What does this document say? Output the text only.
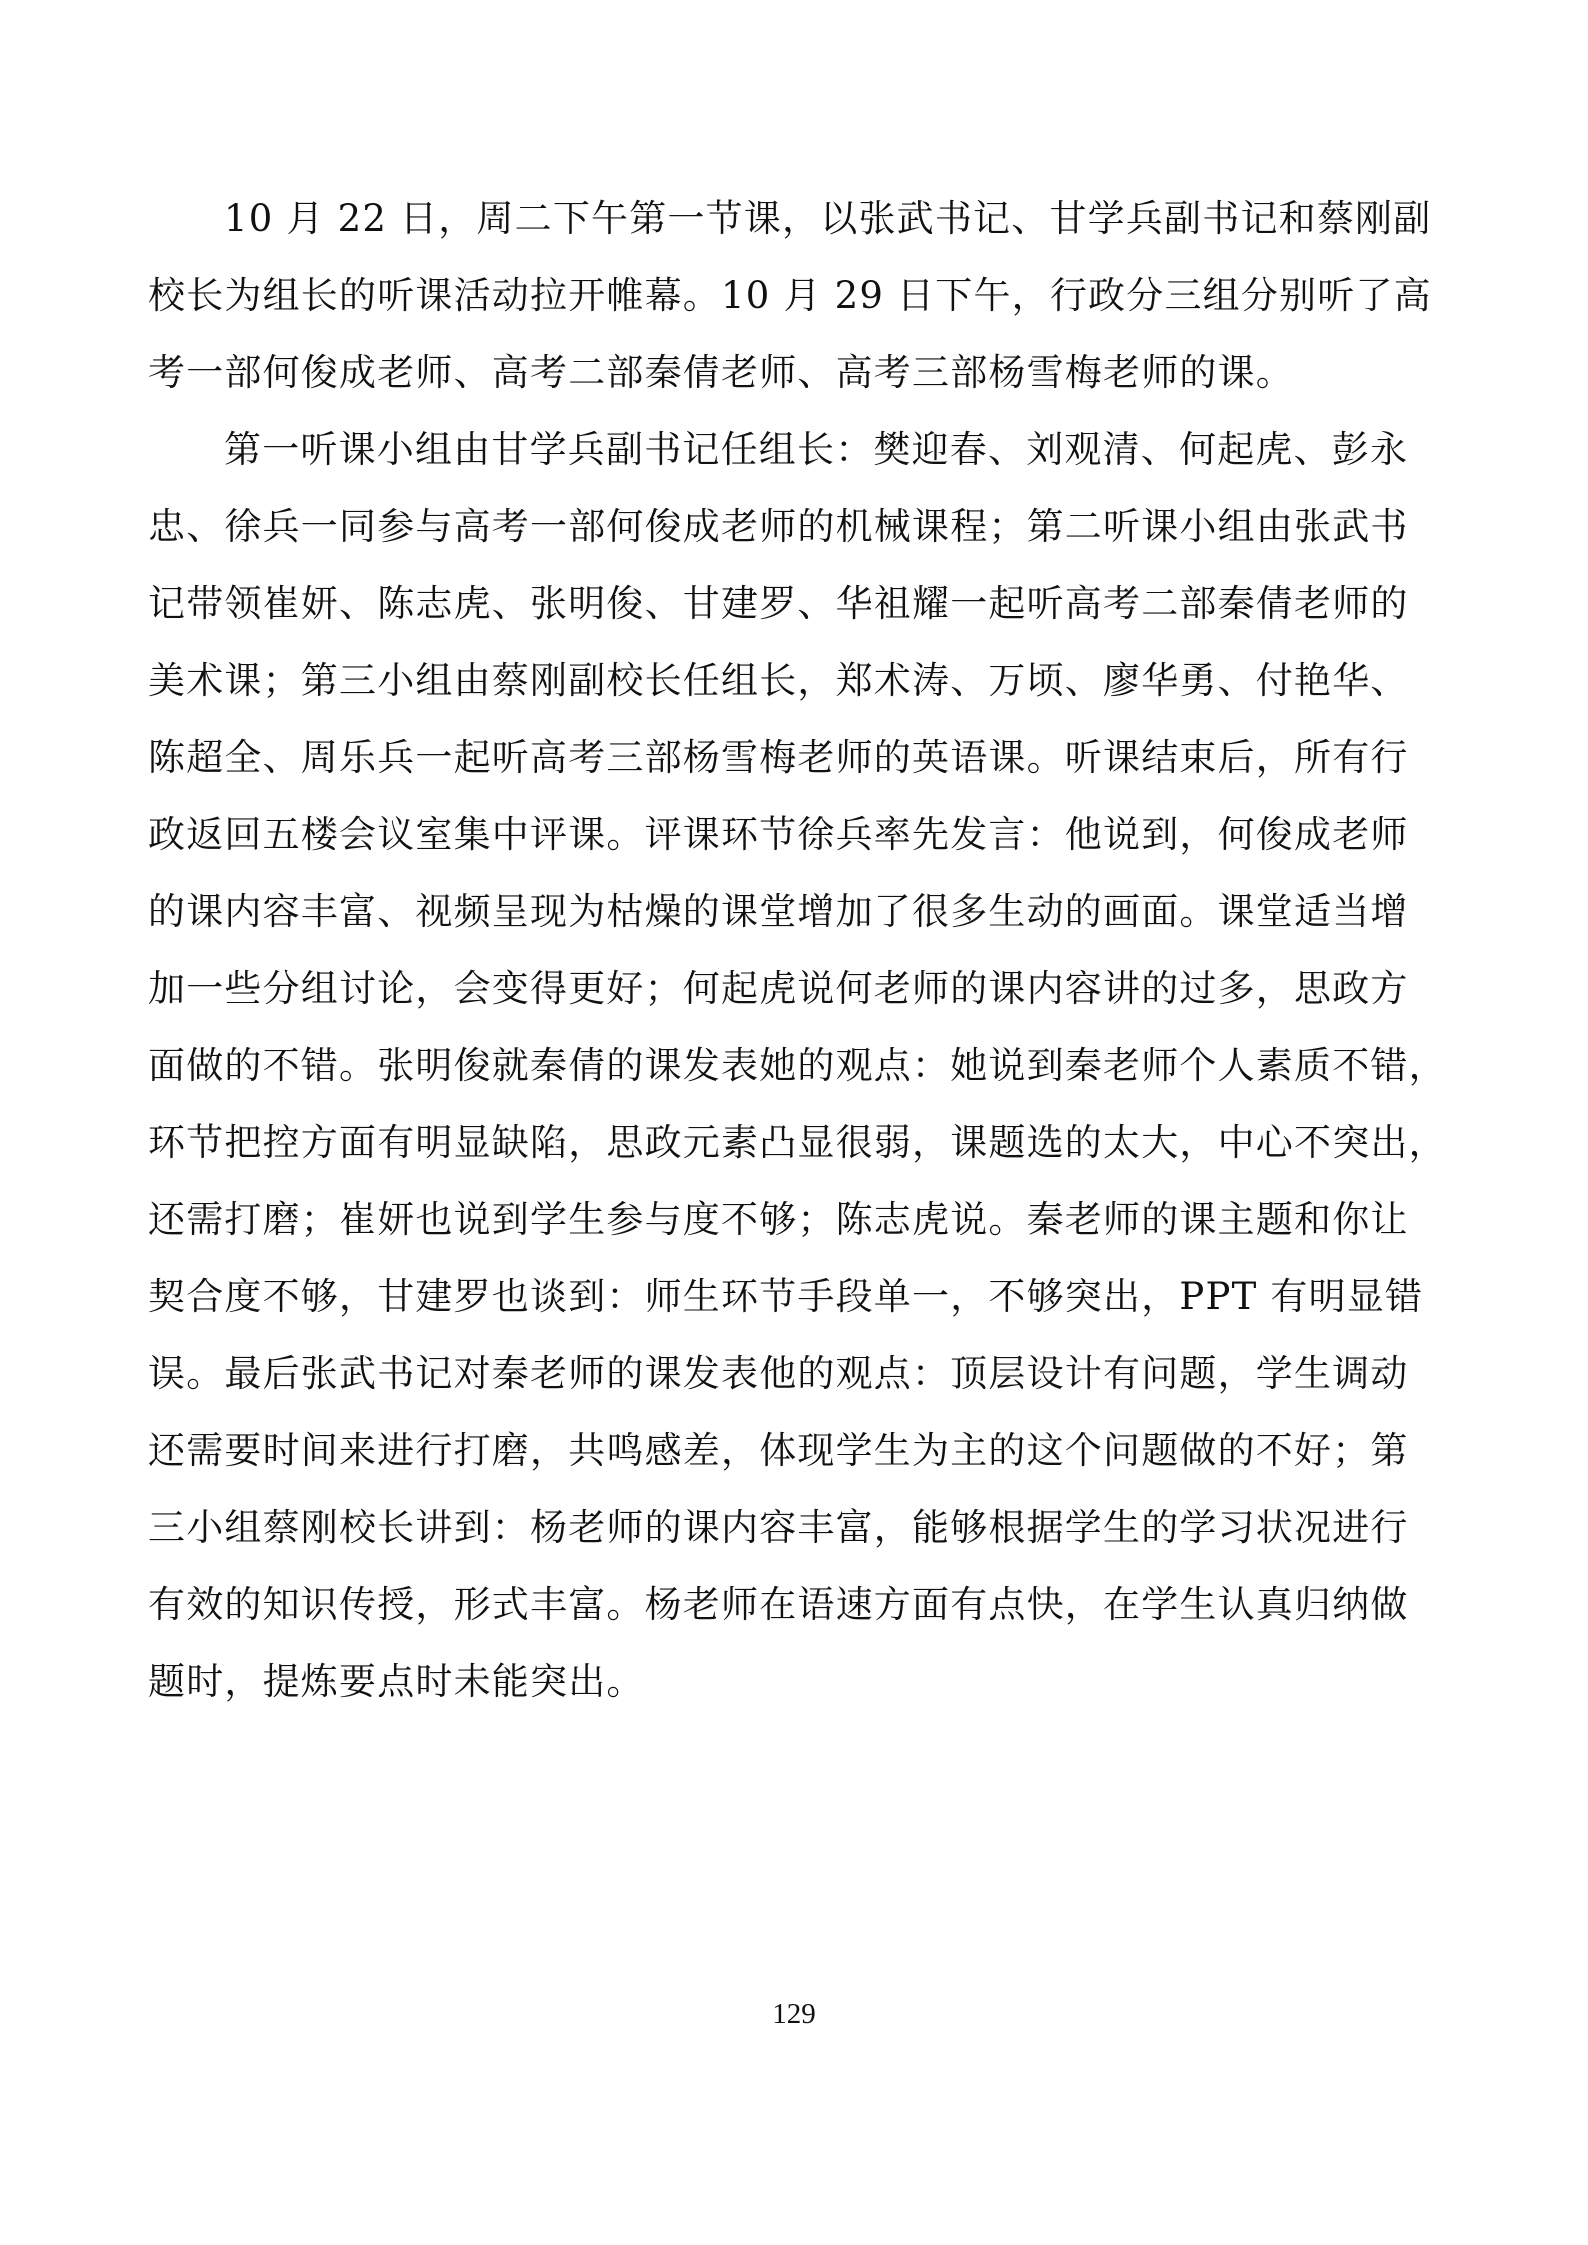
10 月 22 日，周二下午第一节课，以张武书记、甘学兵副书记和蔡刚副
校长为组长的听课活动拉开帷幕。10 月 29 日下午，行政分三组分别听了高
考一部何俊成老师、高考二部秦倩老师、高考三部杨雪梅老师的课。
第一听课小组由甘学兵副书记任组长：樊迎春、刘观清、何起虎、彭永
忠、徐兵一同参与高考一部何俊成老师的机械课程；第二听课小组由张武书
记带领崔妍、陈志虎、张明俊、甘建罗、华祖耀一起听高考二部秦倩老师的
美术课；第三小组由蔡刚副校长任组长，郑术涛、万顷、廖华勇、付艳华、
陈超全、周乐兵一起听高考三部杨雪梅老师的英语课。听课结束后，所有行
政返回五楼会议室集中评课。评课环节徐兵率先发言：他说到，何俊成老师
的课内容丰富、视频呈现为枯燥的课堂增加了很多生动的画面。课堂适当增
加一些分组讨论，会变得更好；何起虎说何老师的课内容讲的过多，思政方
面做的不错。张明俊就秦倩的课发表她的观点：她说到秦老师个人素质不错，
环节把控方面有明显缺陷，思政元素凸显很弱，课题选的太大，中心不突出，
还需打磨；崔妍也说到学生参与度不够；陈志虎说。秦老师的课主题和你让
契合度不够，甘建罗也谈到：师生环节手段单一，不够突出，PPT 有明显错
误。最后张武书记对秦老师的课发表他的观点：顶层设计有问题，学生调动
还需要时间来进行打磨，共鸣感差，体现学生为主的这个问题做的不好；第
三小组蔡刚校长讲到：杨老师的课内容丰富，能够根据学生的学习状况进行
有效的知识传授，形式丰富。杨老师在语速方面有点快，在学生认真归纳做
题时，提炼要点时未能突出。
129
